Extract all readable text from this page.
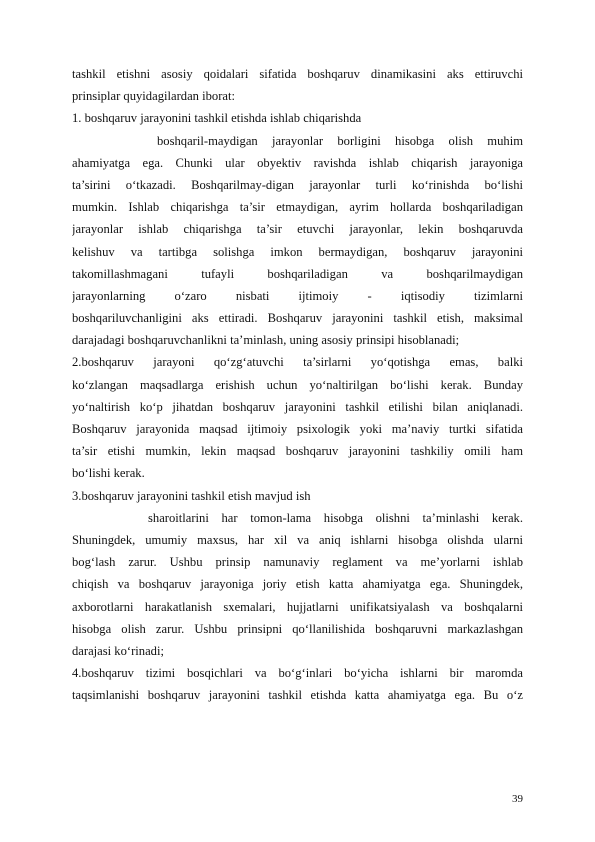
tashkil etishni asosiy qoidalari sifatida boshqaruv dinamikasini aks ettiruvchi
prinsiplar quyidagilardan iborat:
1. boshqaruv jarayonini tashkil etishda ishlab chiqarishda
boshqaril-maydigan jarayonlar borligini hisobga olish muhim
ahamiyatga ega. Chunki ular obyektiv ravishda ishlab chiqarish jarayoniga
ta’sirini o‘tkazadi. Boshqarilmay-digan jarayonlar turli ko‘rinishda bo‘lishi
mumkin. Ishlab chiqarishga ta’sir etmaydigan, ayrim hollarda boshqariladigan
jarayonlar ishlab chiqarishga ta’sir etuvchi jarayonlar, lekin boshqaruvda
kelishuv va tartibga solishga imkon bermaydigan, boshqaruv jarayonini
takomillashmagani tufayli boshqariladigan va boshqarilmaydigan
jarayonlarning o‘zaro nisbati ijtimoiy - iqtisodiy tizimlarni
boshqariluvchanligini aks ettiradi. Boshqaruv jarayonini tashkil etish, maksimal
darajadagi boshqaruvchanlikni ta’minlash, uning asosiy prinsipi hisoblanadi;
2.boshqaruv jarayoni qo‘zg‘atuvchi ta’sirlarni yo‘qotishga emas, balki
ko‘zlangan maqsadlarga erishish uchun yo‘naltirilgan bo‘lishi kerak. Bunday
yo‘naltirish ko‘p jihatdan boshqaruv jarayonini tashkil etilishi bilan aniqlanadi.
Boshqaruv jarayonida maqsad ijtimoiy psixologik yoki ma’naviy turtki sifatida
ta’sir etishi mumkin, lekin maqsad boshqaruv jarayonini tashkiliy omili ham
bo‘lishi kerak.
3.boshqaruv jarayonini tashkil etish mavjud ish
sharoitlarini har tomon-lama hisobga olishni ta’minlashi kerak.
Shuningdek, umumiy maxsus, har xil va aniq ishlarni hisobga olishda ularni
bog‘lash zarur. Ushbu prinsip namunaviy reglament va me’yorlarni ishlab
chiqish va boshqaruv jarayoniga joriy etish katta ahamiyatga ega. Shuningdek,
axborotlarni harakatlanish sxemalari, hujjatlarni unifikatsiyalash va boshqalarni
hisobga olish zarur. Ushbu prinsipni qo‘llanilishida boshqaruvni markazlashgan
darajasi ko‘rinadi;
4.boshqaruv tizimi bosqichlari va bo‘g‘inlari bo‘yicha ishlarni bir maromda
taqsimlanishi boshqaruv jarayonini tashkil etishda katta ahamiyatga ega. Bu o‘z
39
